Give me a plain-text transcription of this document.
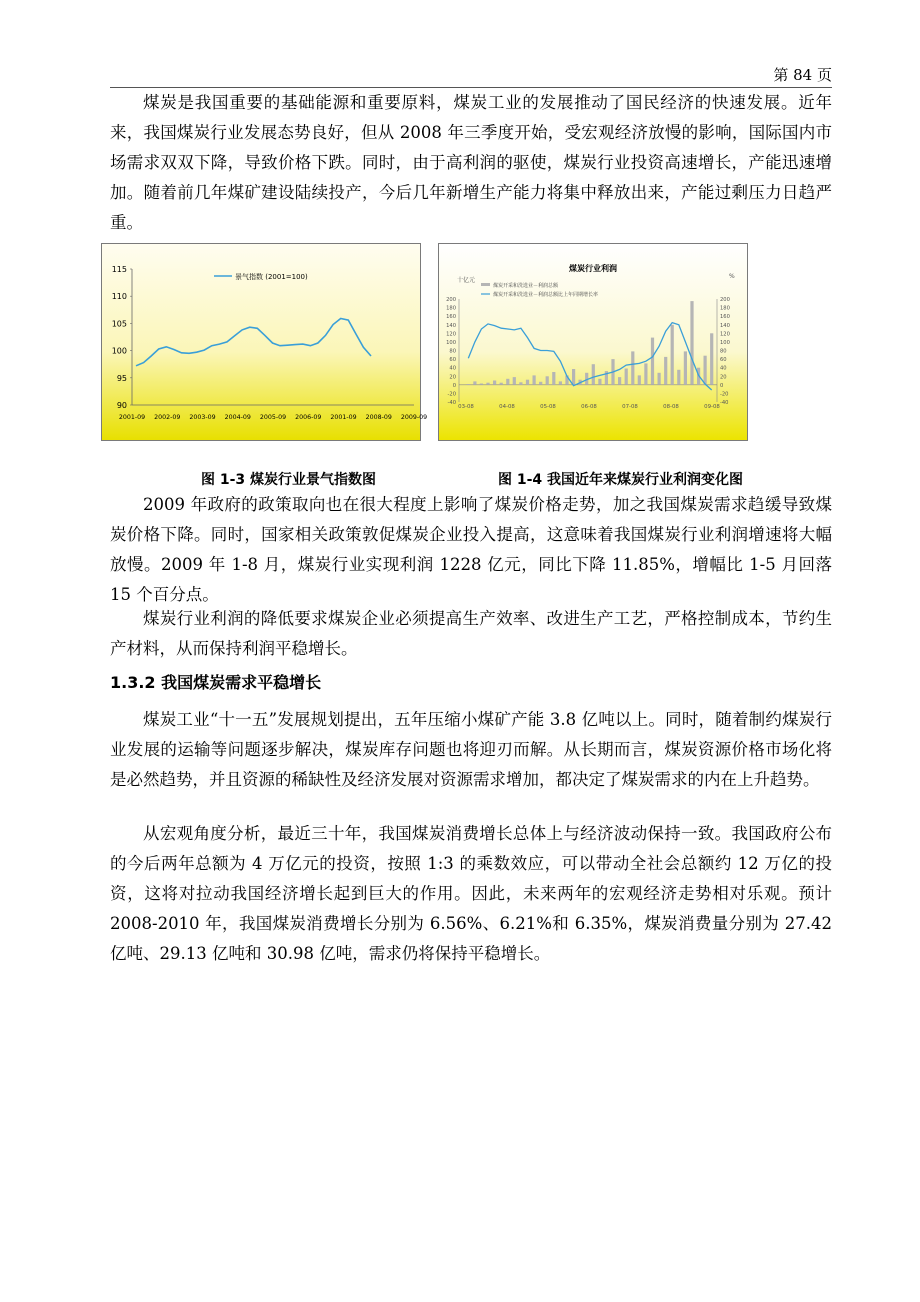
第 84 页

煤炭是我国重要的基础能源和重要原料，煤炭工业的发展推动了国民经济的快速发展。近年来，我国煤炭行业发展态势良好，但从 2008 年三季度开始，受宏观经济放慢的影响，国际国内市场需求双双下降，导致价格下跌。同时，由于高利润的驱使，煤炭行业投资高速增长，产能迅速增加。随着前几年煤矿建设陆续投产，今后几年新增生产能力将集中释放出来，产能过剩压力日趋严重。

90
95
100
105
110
115
2001-09 2002-09 2003-09 2004-09 2005-09 2006-09 2001-09 2008-09 2009-09
景气指数 (2001=100)
煤炭行业利润
十亿元
%
煤炭开采和洗选业－利润总额
煤炭开采和洗选业－利润总额比上年同期增长率
-40	-40
-20	-20
0	0
20	20
40	40
60	60
80	80
100	100
120	120
140	140
160	160
180	180
200	200
03-08	04-08	05-08	06-08	07-08	08-08	09-08
图 1-3 煤炭行业景气指数图	图 1-4 我国近年来煤炭行业利润变化图

2009 年政府的政策取向也在很大程度上影响了煤炭价格走势，加之我国煤炭需求趋缓导致煤炭价格下降。同时，国家相关政策敦促煤炭企业投入提高，这意味着我国煤炭行业利润增速将大幅放慢。2009 年 1-8 月，煤炭行业实现利润 1228 亿元，同比下降 11.85%，增幅比 1-5 月回落 15 个百分点。

煤炭行业利润的降低要求煤炭企业必须提高生产效率、改进生产工艺，严格控制成本，节约生产材料，从而保持利润平稳增长。

1.3.2 我国煤炭需求平稳增长

煤炭工业“十一五”发展规划提出，五年压缩小煤矿产能 3.8 亿吨以上。同时，随着制约煤炭行业发展的运输等问题逐步解决，煤炭库存问题也将迎刃而解。从长期而言，煤炭资源价格市场化将是必然趋势，并且资源的稀缺性及经济发展对资源需求增加，都决定了煤炭需求的内在上升趋势。

从宏观角度分析，最近三十年，我国煤炭消费增长总体上与经济波动保持一致。我国政府公布的今后两年总额为 4 万亿元的投资，按照 1:3 的乘数效应，可以带动全社会总额约 12 万亿的投资，这将对拉动我国经济增长起到巨大的作用。因此，未来两年的宏观经济走势相对乐观。预计 2008-2010 年，我国煤炭消费增长分别为 6.56%、6.21%和 6.35%，煤炭消费量分别为 27.42 亿吨、29.13 亿吨和 30.98 亿吨，需求仍将保持平稳增长。
